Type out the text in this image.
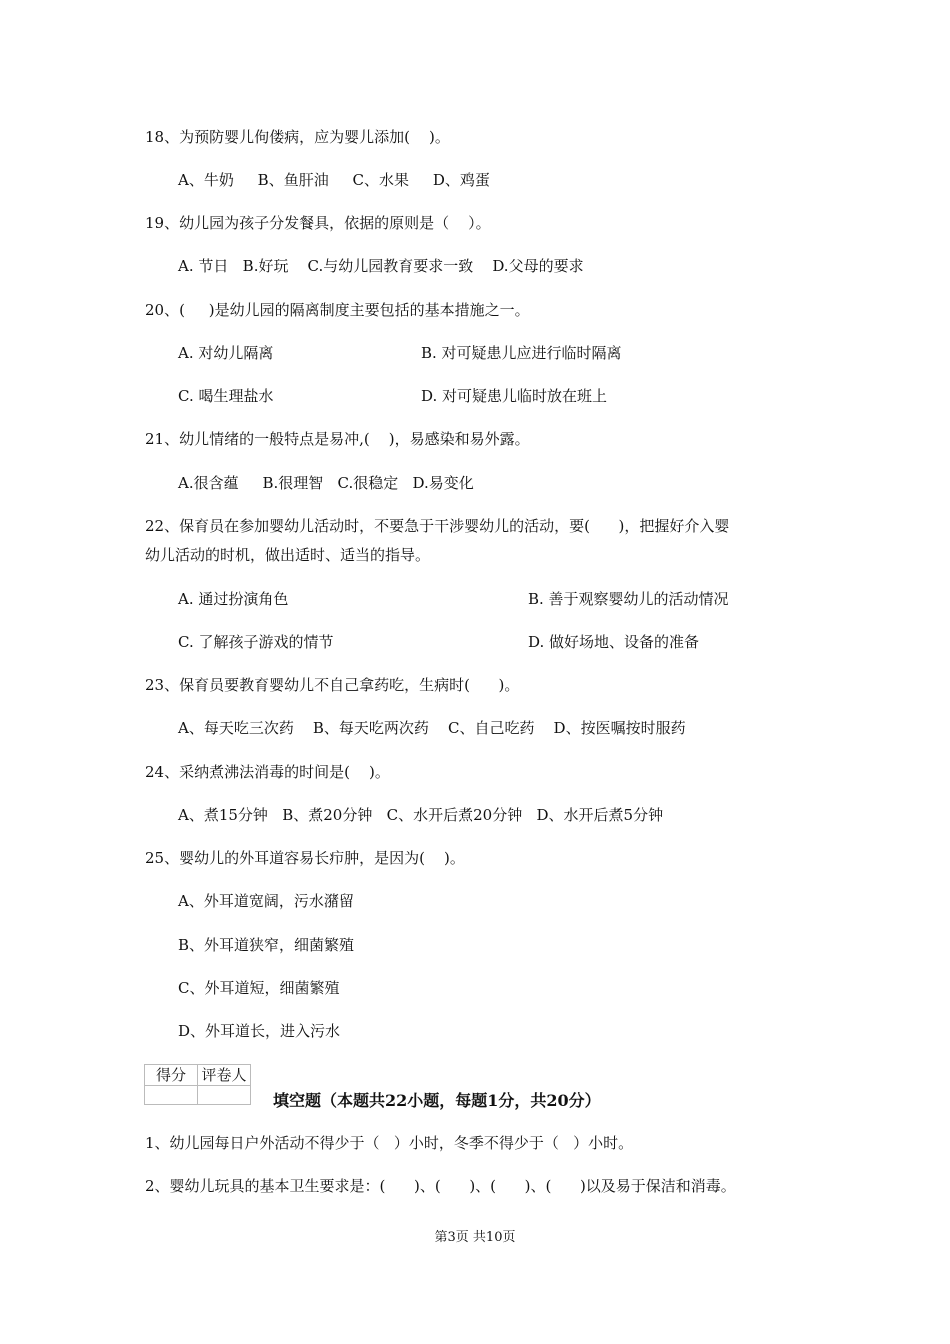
18、为预防婴儿佝偻病，应为婴儿添加(    )。
A、牛奶     B、鱼肝油     C、水果     D、鸡蛋
19、幼儿园为孩子分发餐具，依据的原则是（    ）。
A. 节日   B.好玩    C.与幼儿园教育要求一致    D.父母的要求
20、(     )是幼儿园的隔离制度主要包括的基本措施之一。
A. 对幼儿隔离	B. 对可疑患儿应进行临时隔离
C. 喝生理盐水	D. 对可疑患儿临时放在班上
21、幼儿情绪的一般特点是易冲,(    )，易感染和易外露。
A.很含蕴     B.很理智   C.很稳定   D.易变化
22、保育员在参加婴幼儿活动时，不要急于干涉婴幼儿的活动，要(      )，把握好介入婴
幼儿活动的时机，做出适时、适当的指导。
A. 通过扮演角色	B. 善于观察婴幼儿的活动情况
C. 了解孩子游戏的情节	D. 做好场地、设备的准备
23、保育员要教育婴幼儿不自己拿药吃，生病时(      )。
A、每天吃三次药    B、每天吃两次药    C、自己吃药    D、按医嘱按时服药
24、采纳煮沸法消毒的时间是(    )。
A、煮15分钟   B、煮20分钟   C、水开后煮20分钟   D、水开后煮5分钟
25、婴幼儿的外耳道容易长疖肿，是因为(    )。
A、外耳道宽阔，污水潴留
B、外耳道狭窄，细菌繁殖
C、外耳道短，细菌繁殖
D、外耳道长，进入污水
得分	评卷人

填空题（本题共22小题，每题1分，共20分）
1、幼儿园每日户外活动不得少于（   ）小时，冬季不得少于（   ）小时。
2、婴幼儿玩具的基本卫生要求是：(      )、(      )、(      )、(      )以及易于保洁和消毒。
第3页 共10页
